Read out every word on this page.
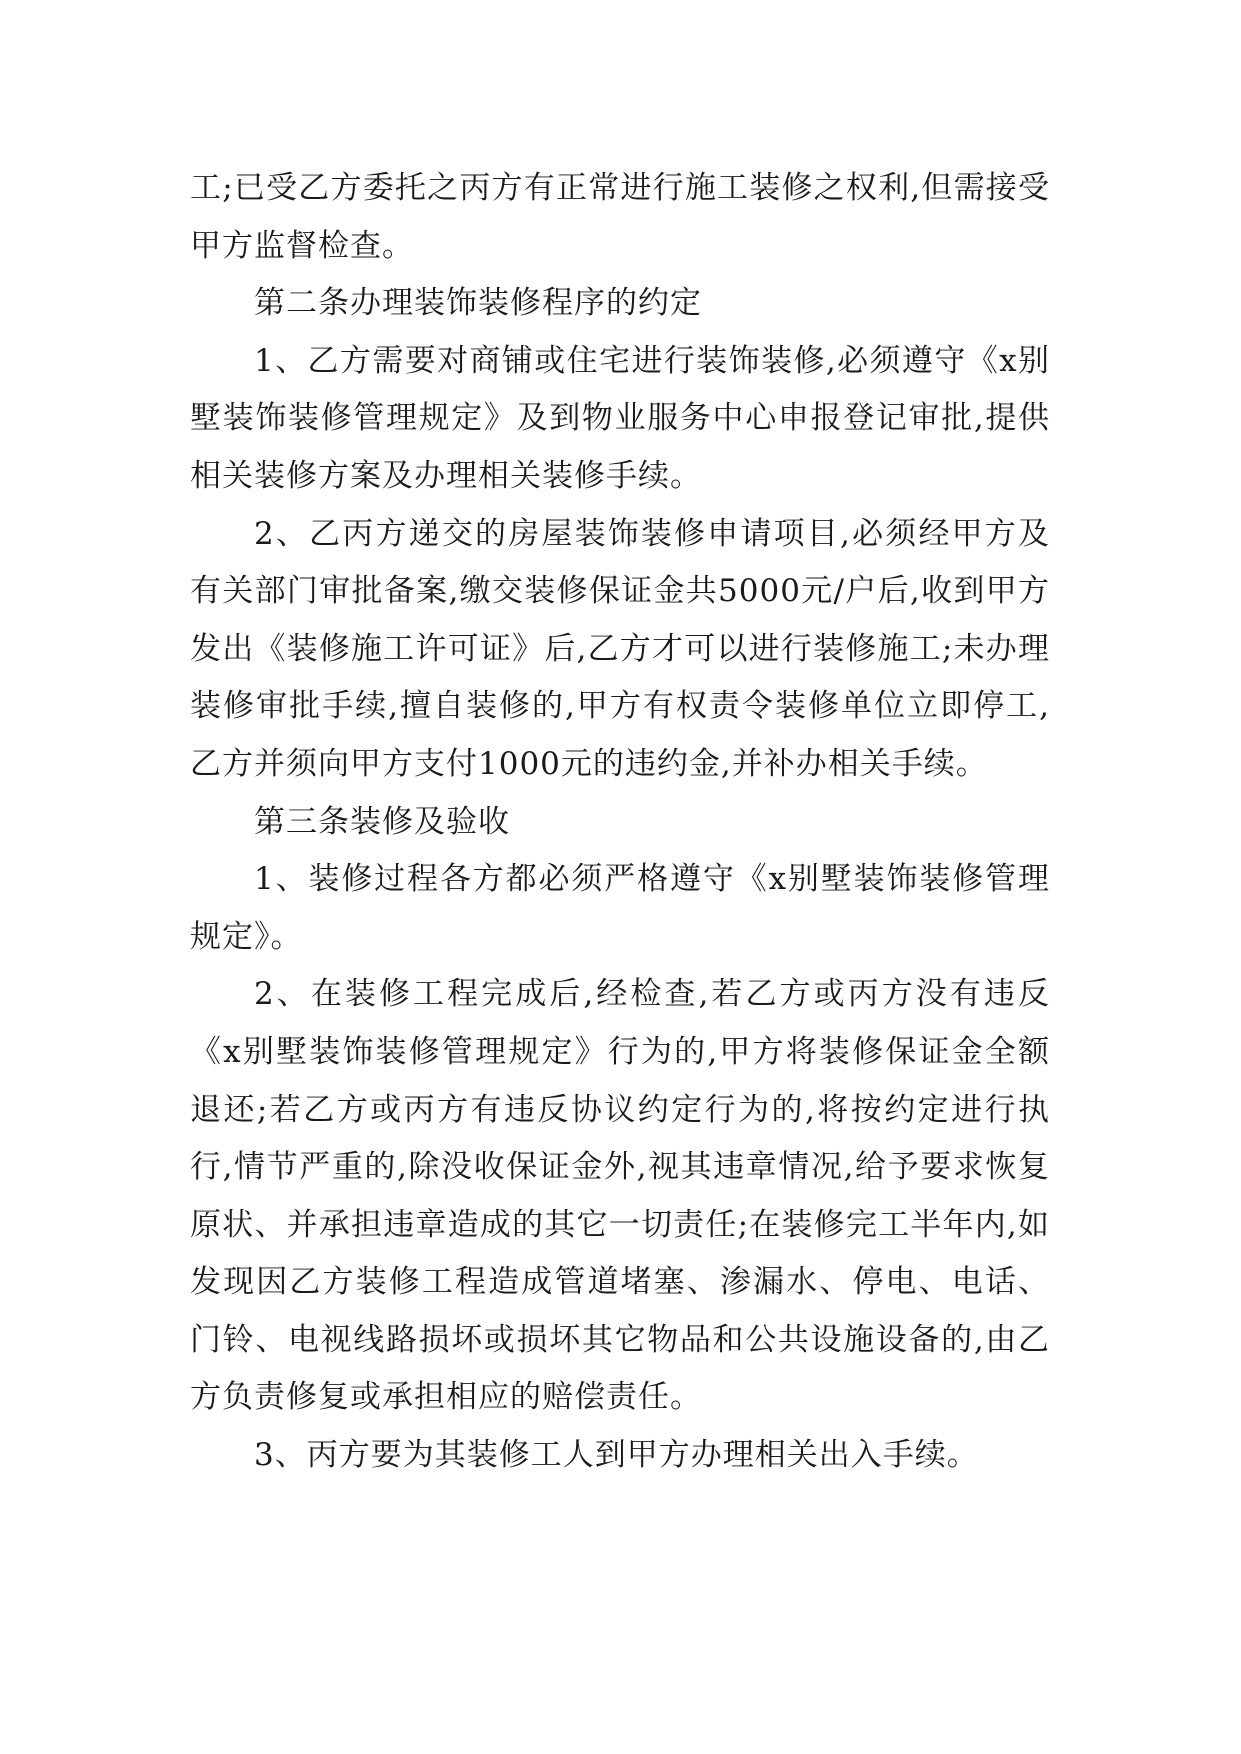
工;已受乙方委托之丙方有正常进行施工装修之权利,但需接受甲方监督检查。

第二条办理装饰装修程序的约定

1、乙方需要对商铺或住宅进行装饰装修,必须遵守《x别墅装饰装修管理规定》及到物业服务中心申报登记审批,提供相关装修方案及办理相关装修手续。

2、乙丙方递交的房屋装饰装修申请项目,必须经甲方及有关部门审批备案,缴交装修保证金共5000元/户后,收到甲方发出《装修施工许可证》后,乙方才可以进行装修施工;未办理装修审批手续,擅自装修的,甲方有权责令装修单位立即停工,乙方并须向甲方支付1000元的违约金,并补办相关手续。

第三条装修及验收

1、装修过程各方都必须严格遵守《x别墅装饰装修管理规定》。

2、在装修工程完成后,经检查,若乙方或丙方没有违反《x别墅装饰装修管理规定》行为的,甲方将装修保证金全额退还;若乙方或丙方有违反协议约定行为的,将按约定进行执行,情节严重的,除没收保证金外,视其违章情况,给予要求恢复原状、并承担违章造成的其它一切责任;在装修完工半年内,如发现因乙方装修工程造成管道堵塞、渗漏水、停电、电话、门铃、电视线路损坏或损坏其它物品和公共设施设备的,由乙方负责修复或承担相应的赔偿责任。

3、丙方要为其装修工人到甲方办理相关出入手续。
